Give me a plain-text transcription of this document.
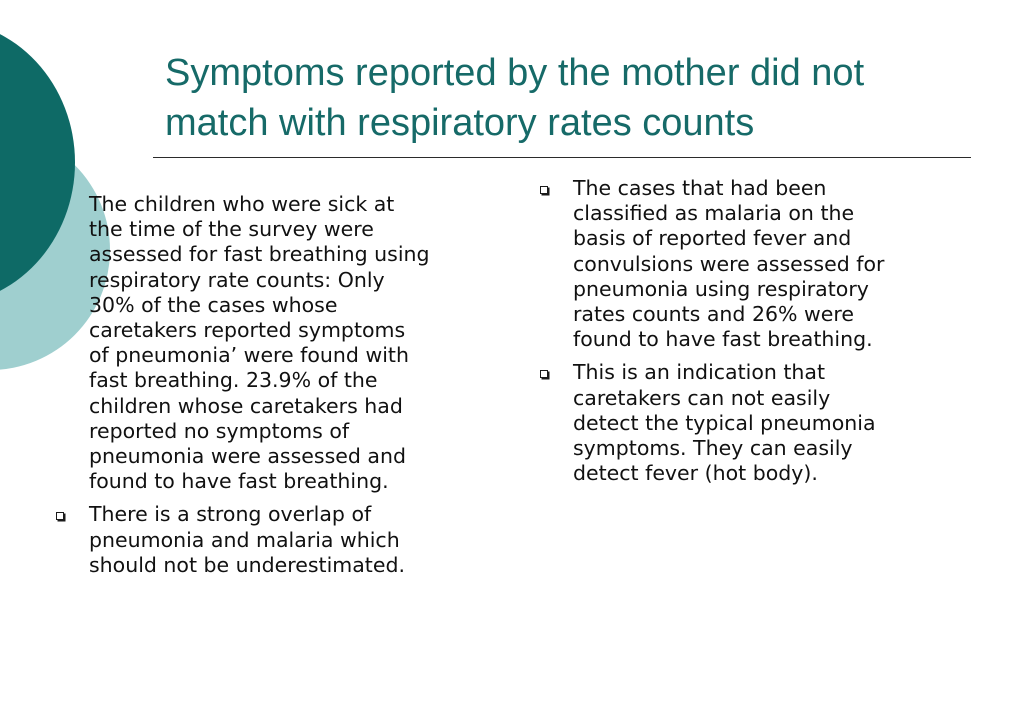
Symptoms reported by the mother did not
match with respiratory rates counts
The children who were sick at
the time of the survey were
assessed for fast breathing using
respiratory rate counts: Only
30% of the cases whose
caretakers reported symptoms
of pneumonia’ were found with
fast breathing. 23.9% of the
children whose caretakers had
reported no symptoms of
pneumonia were assessed and
found to have fast breathing.
There is a strong overlap of
pneumonia and malaria which
should not be underestimated.
The cases that had been
classified as malaria on the
basis of reported fever and
convulsions were assessed for
pneumonia using respiratory
rates counts and 26% were
found to have fast breathing.
This is an indication that
caretakers can not easily
detect the typical pneumonia
symptoms. They can easily
detect fever (hot body).
